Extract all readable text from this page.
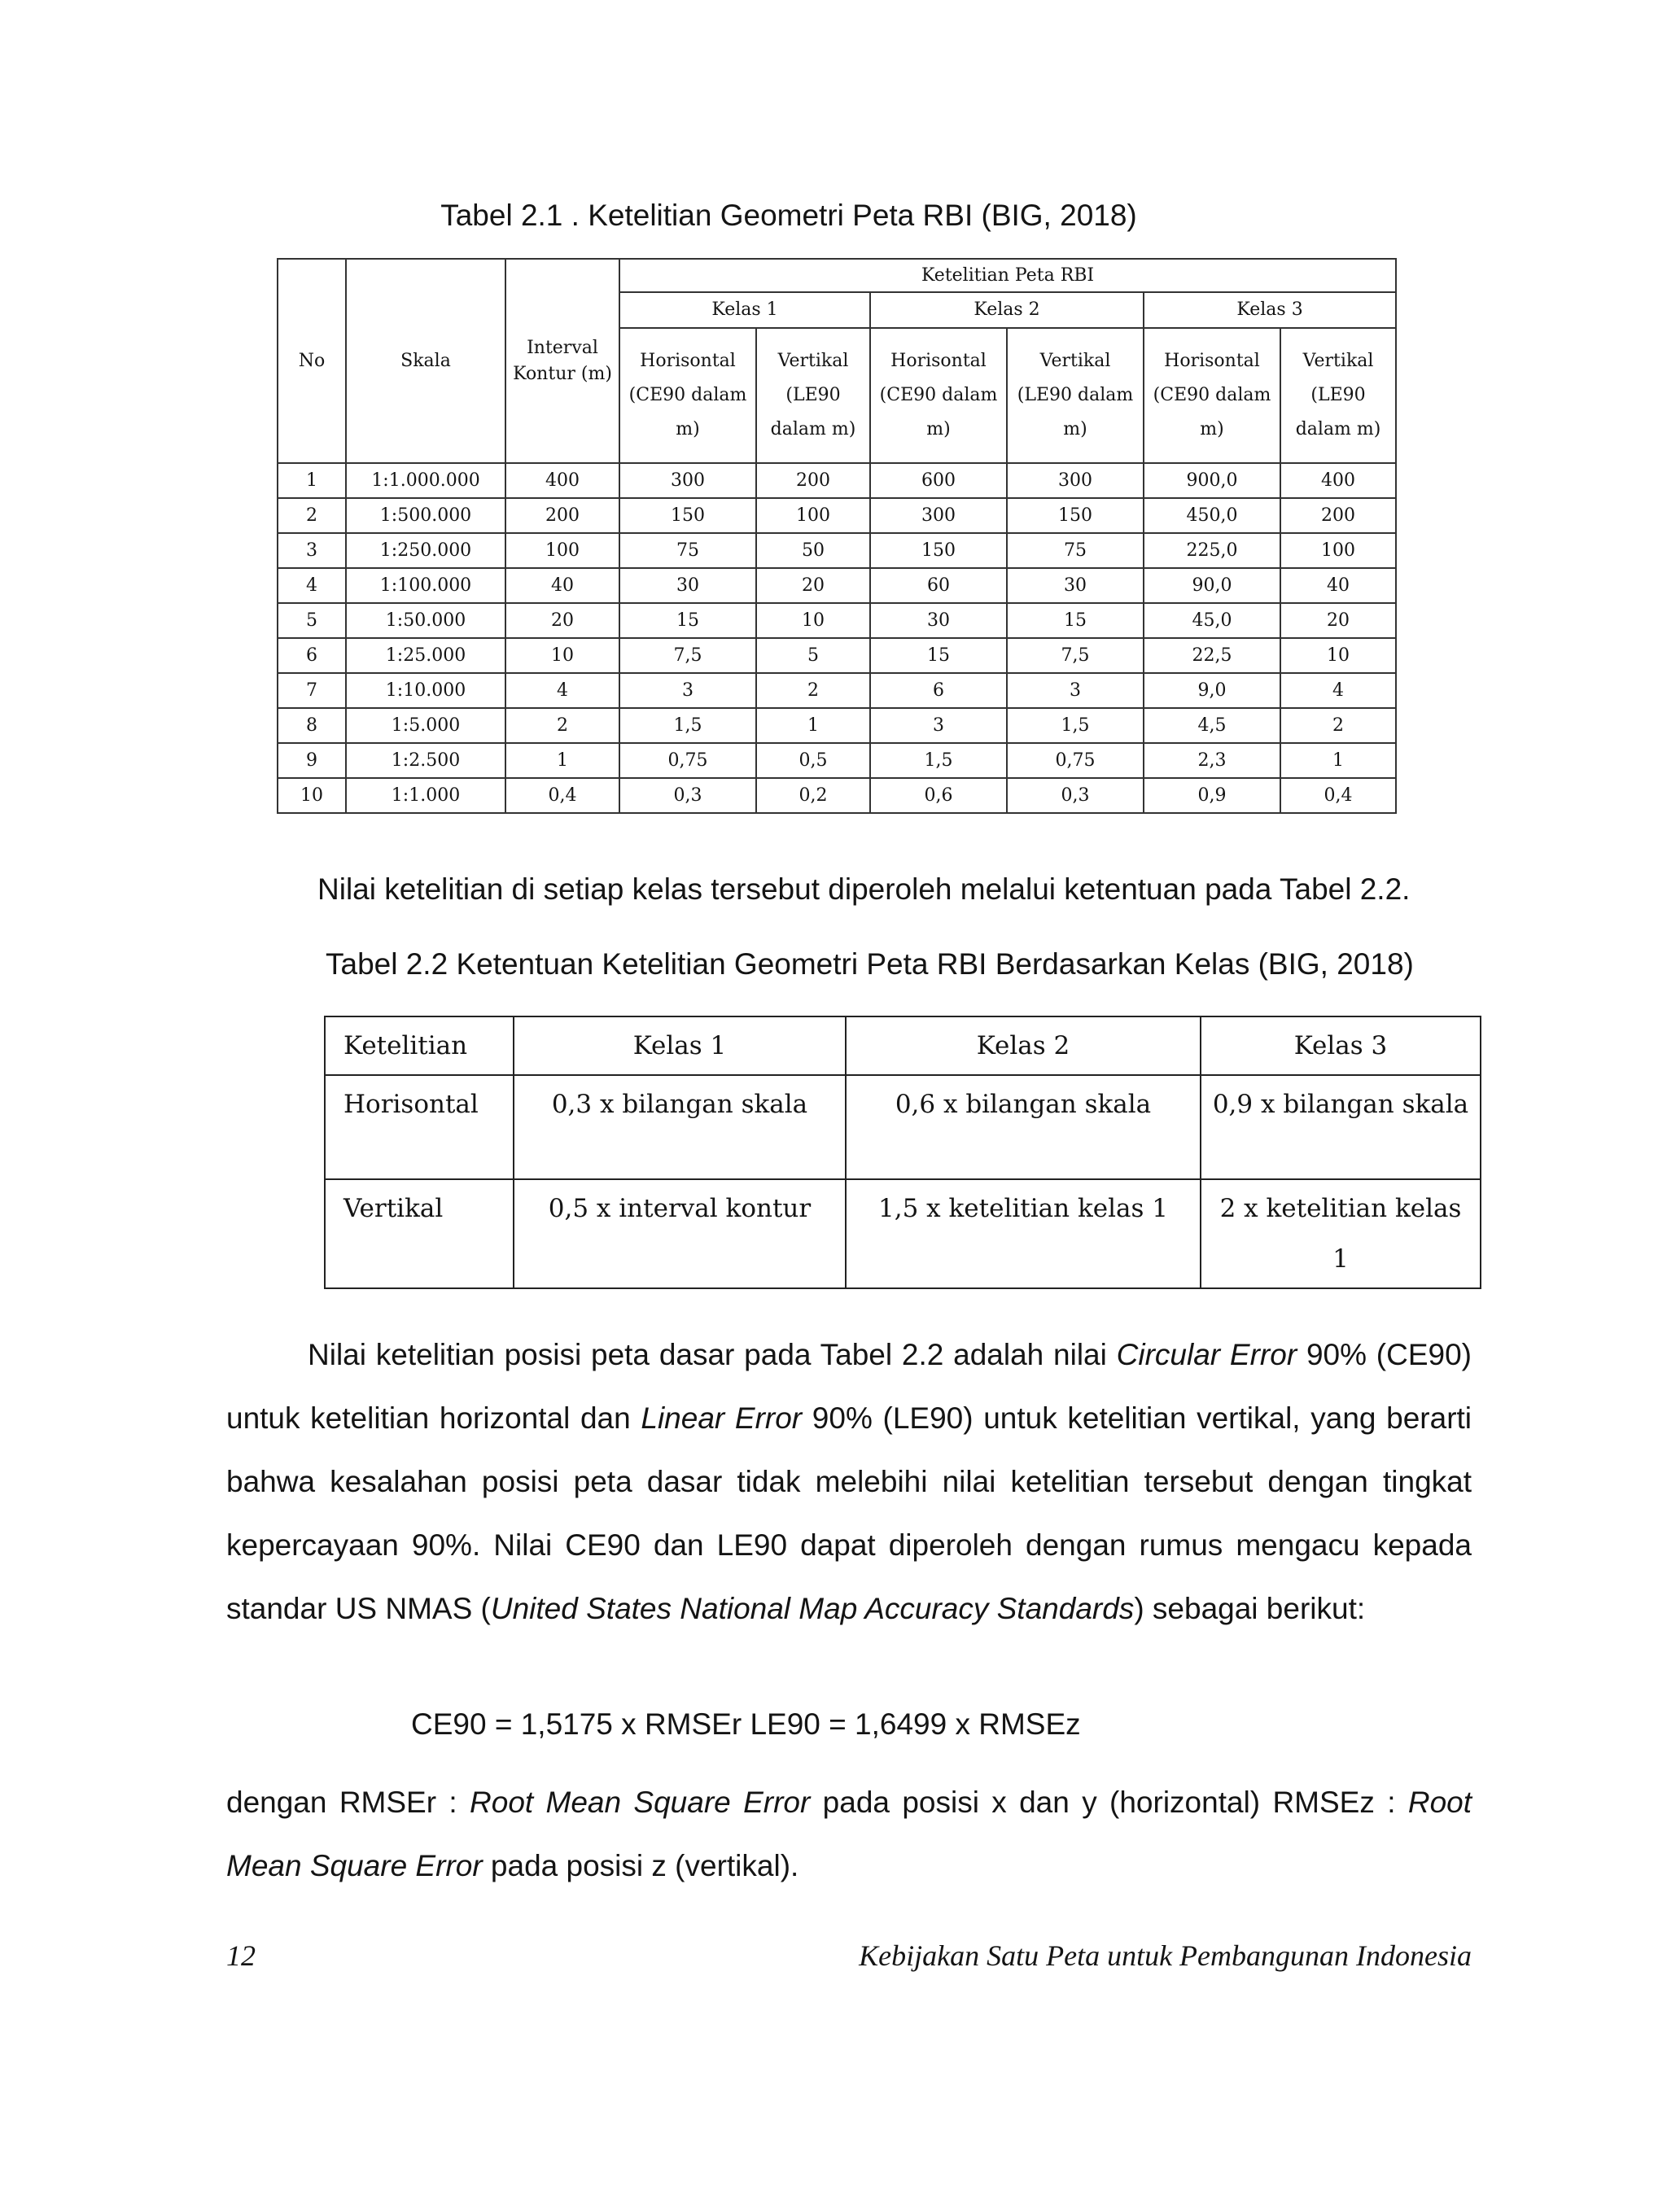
Tabel 2.1 . Ketelitian Geometri Peta RBI (BIG, 2018)
No	Skala	Interval Kontur (m)	Ketelitian Peta RBI					
			Kelas 1		Kelas 2		Kelas 3	
			Horisontal (CE90 dalam m)	Vertikal (LE90 dalam m)	Horisontal (CE90 dalam m)	Vertikal (LE90 dalam m)	Horisontal (CE90 dalam m)	Vertikal (LE90 dalam m)
1	1:1.000.000	400	300	200	600	300	900,0	400
2	1:500.000	200	150	100	300	150	450,0	200
3	1:250.000	100	75	50	150	75	225,0	100
4	1:100.000	40	30	20	60	30	90,0	40
5	1:50.000	20	15	10	30	15	45,0	20
6	1:25.000	10	7,5	5	15	7,5	22,5	10
7	1:10.000	4	3	2	6	3	9,0	4
8	1:5.000	2	1,5	1	3	1,5	4,5	2
9	1:2.500	1	0,75	0,5	1,5	0,75	2,3	1
10	1:1.000	0,4	0,3	0,2	0,6	0,3	0,9	0,4
Nilai ketelitian di setiap kelas tersebut diperoleh melalui ketentuan pada Tabel 2.2.
Tabel 2.2 Ketentuan Ketelitian Geometri Peta RBI Berdasarkan Kelas (BIG, 2018)
Ketelitian	Kelas 1	Kelas 2	Kelas 3
Horisontal	0,3 x bilangan skala	0,6 x bilangan skala	0,9 x bilangan skala
Vertikal	0,5 x interval kontur	1,5 x ketelitian kelas 1	2 x ketelitian kelas 1
Nilai ketelitian posisi peta dasar pada Tabel 2.2 adalah nilai Circular Error 90% (CE90) untuk ketelitian horizontal dan Linear Error 90% (LE90) untuk ketelitian vertikal, yang berarti bahwa kesalahan posisi peta dasar tidak melebihi nilai ketelitian tersebut dengan tingkat kepercayaan 90%. Nilai CE90 dan LE90 dapat diperoleh dengan rumus mengacu kepada standar US NMAS (United States National Map Accuracy Standards) sebagai berikut:
CE90 = 1,5175 x RMSEr LE90 = 1,6499 x RMSEz
dengan RMSEr : Root Mean Square Error pada posisi x dan y (horizontal) RMSEz : Root Mean Square Error pada posisi z (vertikal).
12	Kebijakan Satu Peta untuk Pembangunan Indonesia
